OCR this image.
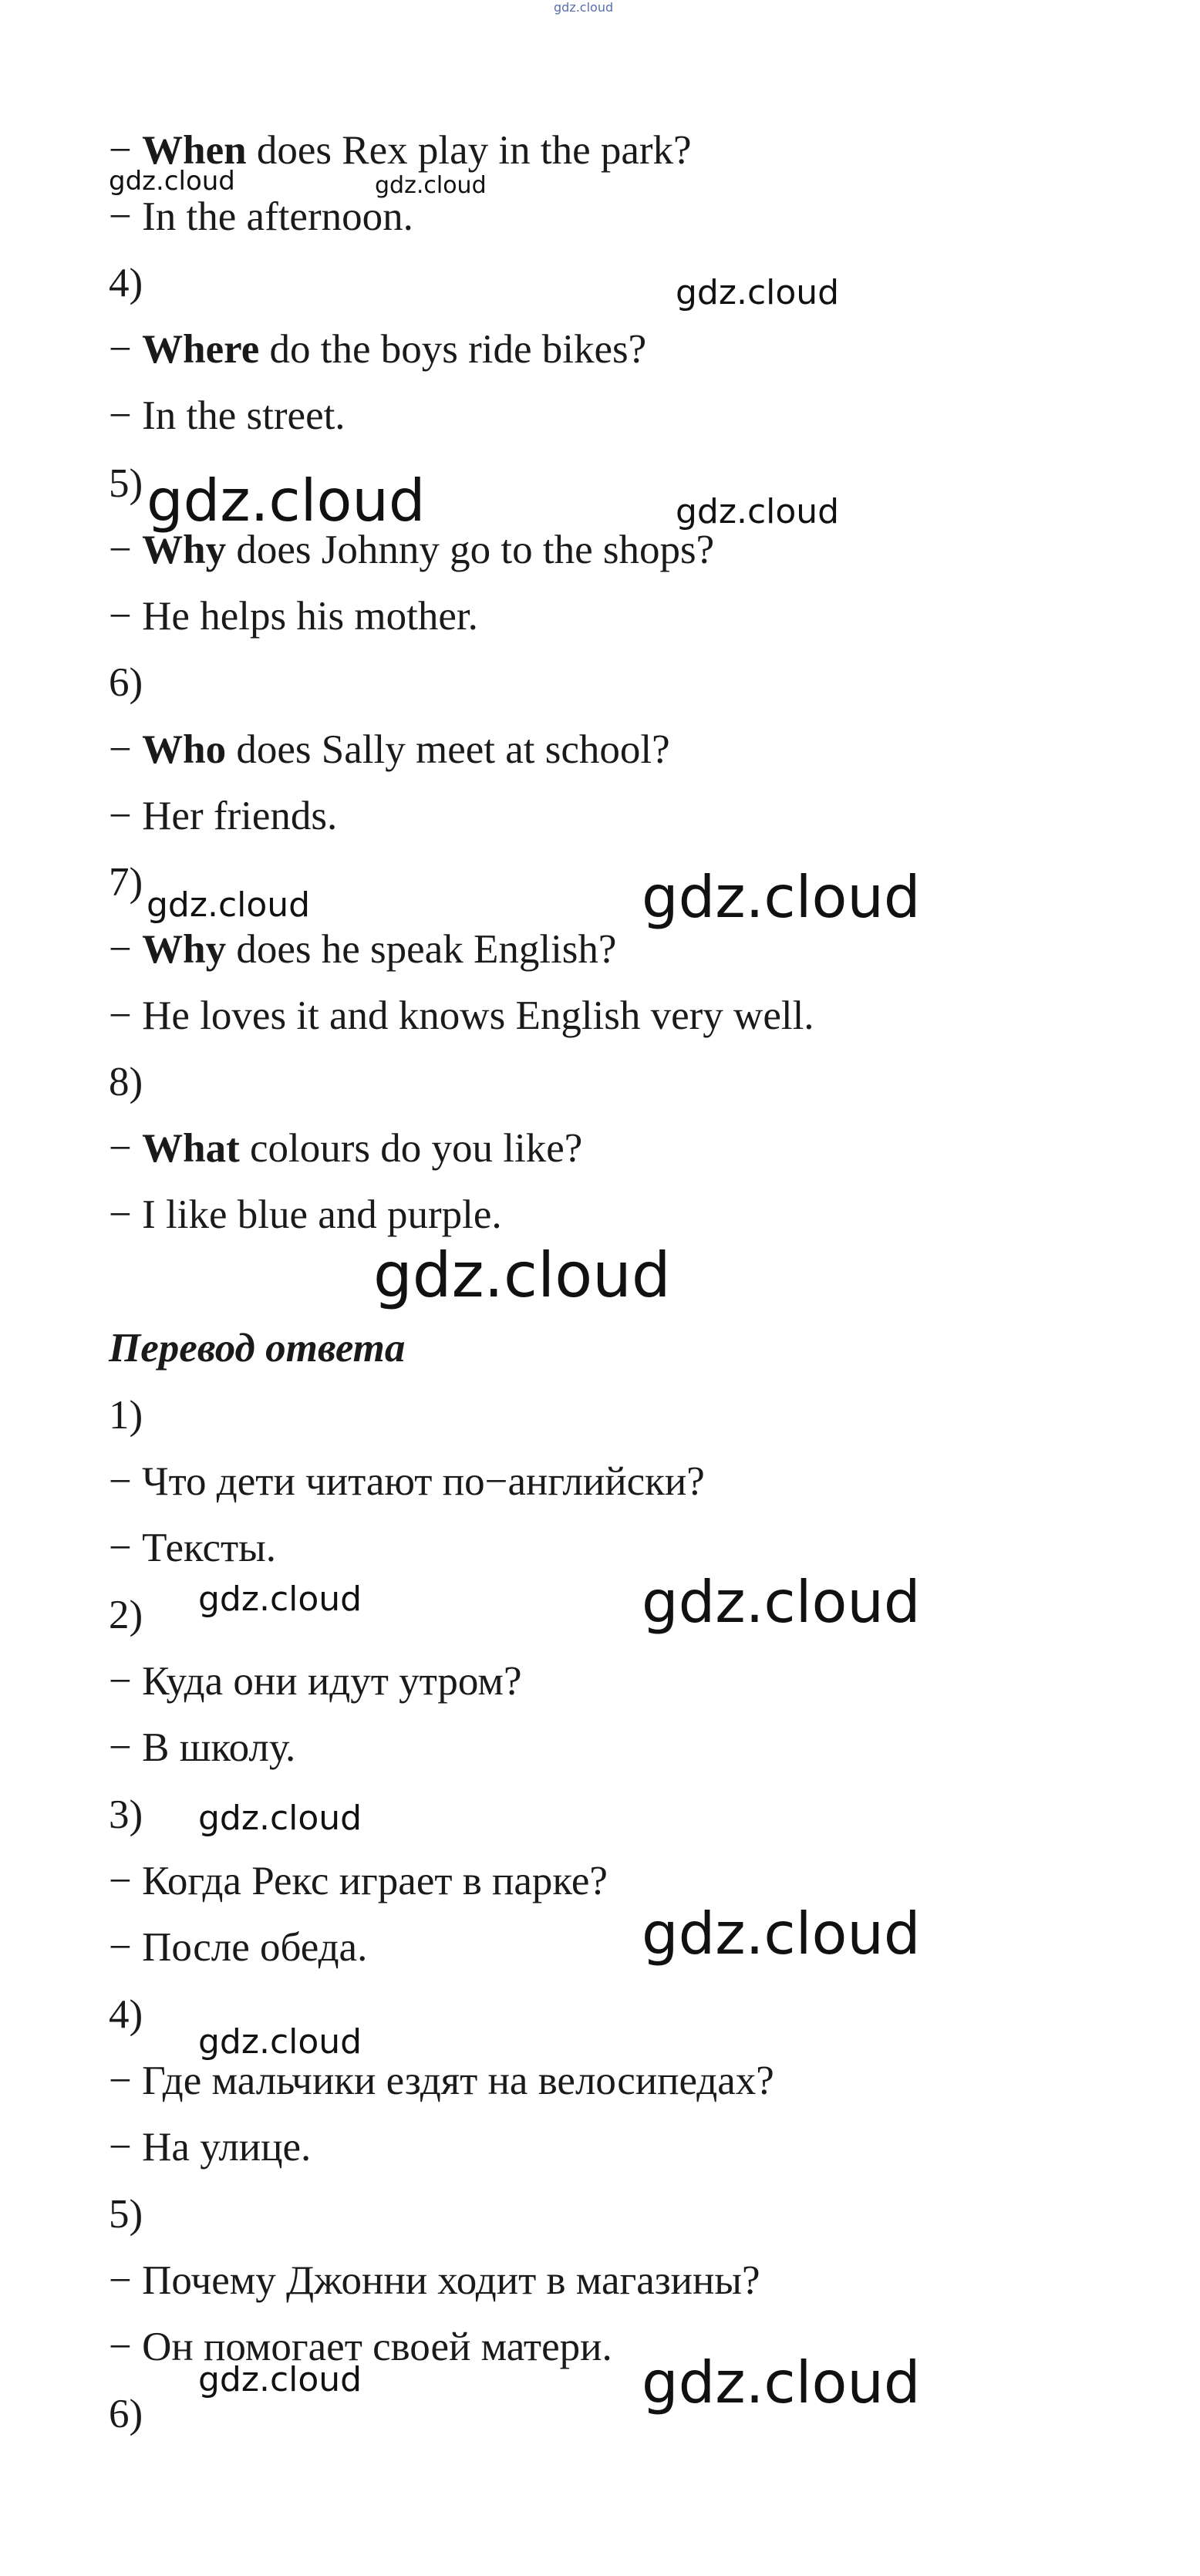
gdz.cloud
− When does Rex play in the park?
− In the afternoon.
4)
− Where do the boys ride bikes?
− In the street.
5)
− Why does Johnny go to the shops?
− He helps his mother.
6)
− Who does Sally meet at school?
− Her friends.
7)
− Why does he speak English?
− He loves it and knows English very well.
8)
− What colours do you like?
− I like blue and purple.
Перевод ответа
1)
− Что дети читают по−английски?
− Тексты.
2)
− Куда они идут утром?
− В школу.
3)
− Когда Рекс играет в парке?
− После обеда.
4)
− Где мальчики ездят на велосипедах?
− На улице.
5)
− Почему Джонни ходит в магазины?
− Он помогает своей матери.
6)
gdz.cloud	gdz.cloud
gdz.cloud
gdz.cloud	gdz.cloud
gdz.cloud	gdz.cloud
gdz.cloud
gdz.cloud	gdz.cloud
gdz.cloud
gdz.cloud
gdz.cloud
gdz.cloud	gdz.cloud
